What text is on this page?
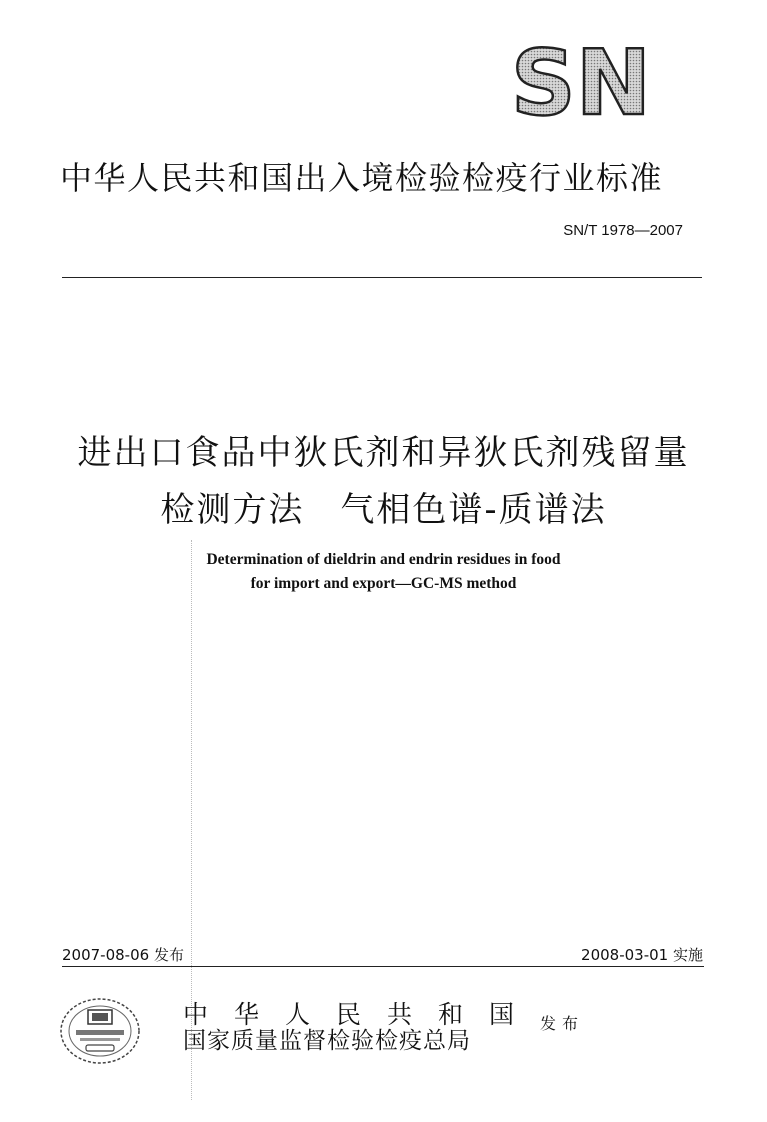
SN
中华人民共和国出入境检验检疫行业标准
SN/T 1978—2007
进出口食品中狄氏剂和异狄氏剂残留量
检测方法　气相色谱-质谱法
Determination of dieldrin and endrin residues in food
for import and export—GC-MS method
2007-08-06 发布	2008-03-01 实施
中华人民共和国
国家质量监督检验检疫总局
发布
